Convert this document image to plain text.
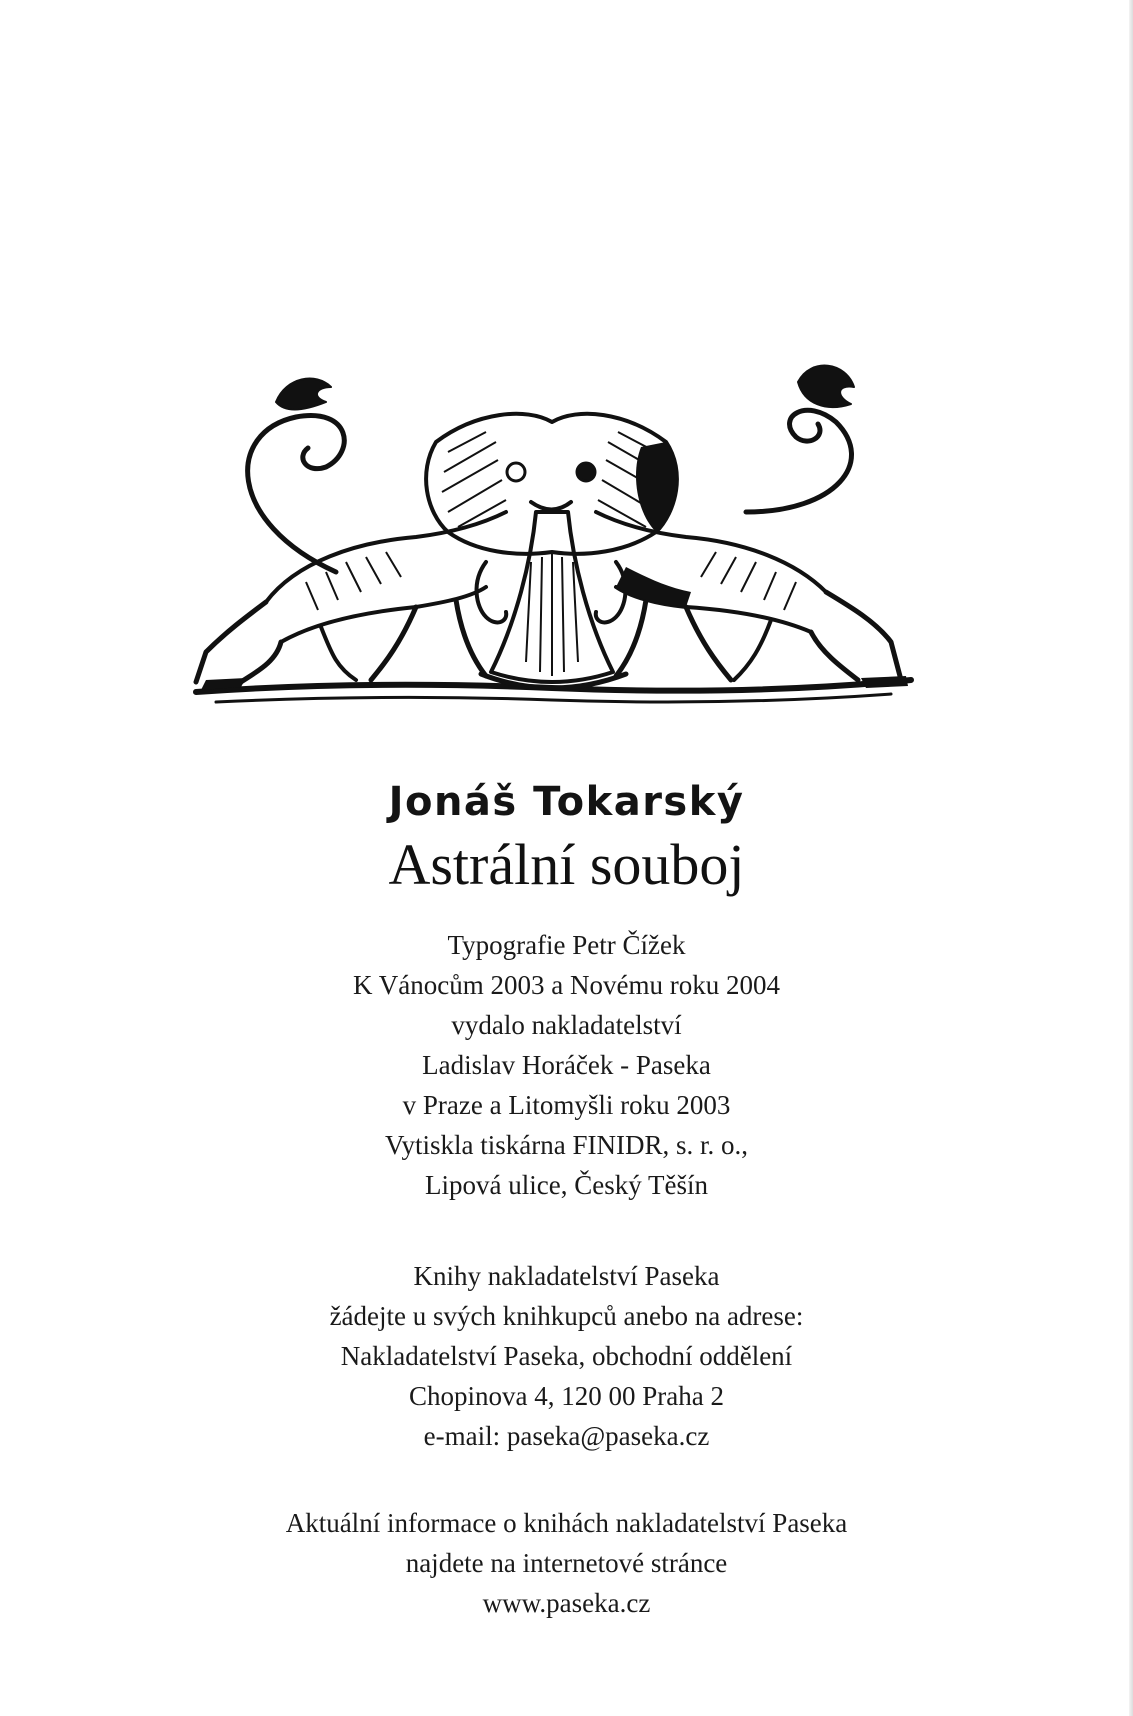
Jonáš Tokarský
Astrální souboj
Typografie Petr Čížek
K Vánocům 2003 a Novému roku 2004
vydalo nakladatelství
Ladislav Horáček - Paseka
v Praze a Litomyšli roku 2003
Vytiskla tiskárna FINIDR, s. r. o.,
Lipová ulice, Český Těšín
Knihy nakladatelství Paseka
žádejte u svých knihkupců anebo na adrese:
Nakladatelství Paseka, obchodní oddělení
Chopinova 4, 120 00 Praha 2
e-mail: paseka@paseka.cz
Aktuální informace o knihách nakladatelství Paseka
najdete na internetové stránce
www.paseka.cz
